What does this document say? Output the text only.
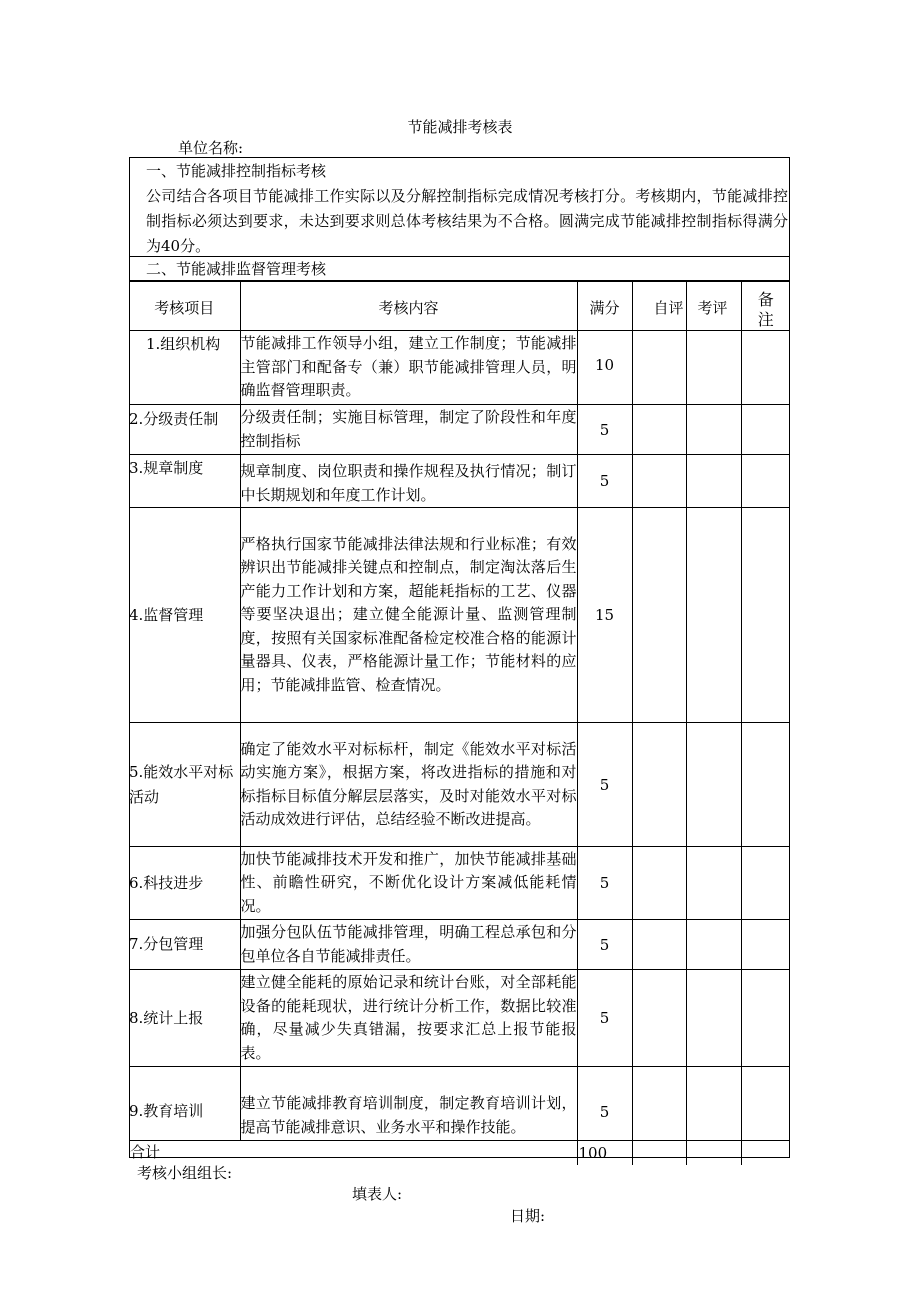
节能减排考核表
单位名称:
一、节能减排控制指标考核
公司结合各项目节能减排工作实际以及分解控制指标完成情况考核打分。考核期内，节能减排控制指标必须达到要求，未达到要求则总体考核结果为不合格。圆满完成节能减排控制指标得满分为40分。
二、节能减排监督管理考核
考核项目	考核内容	满分	自评	考评	备注
1.组织机构	节能减排工作领导小组，建立工作制度；节能减排主管部门和配备专（兼）职节能减排管理人员，明确监督管理职责。	10			
2.分级责任制	分级责任制；实施目标管理，制定了阶段性和年度控制指标	5			
3.规章制度	规章制度、岗位职责和操作规程及执行情况；制订中长期规划和年度工作计划。	5			
4.监督管理	严格执行国家节能减排法律法规和行业标准；有效辨识出节能减排关键点和控制点，制定淘汰落后生产能力工作计划和方案，超能耗指标的工艺、仪器等要坚决退出；建立健全能源计量、监测管理制度，按照有关国家标准配备检定校准合格的能源计量器具、仪表，严格能源计量工作；节能材料的应用；节能减排监管、检查情况。	15			
5.能效水平对标活动	确定了能效水平对标标杆，制定《能效水平对标活动实施方案》，根据方案，将改进指标的措施和对标指标目标值分解层层落实，及时对能效水平对标活动成效进行评估，总结经验不断改进提高。	5			
6.科技进步	加快节能减排技术开发和推广，加快节能减排基础性、前瞻性研究，不断优化设计方案减低能耗情况。	5			
7.分包管理	加强分包队伍节能减排管理，明确工程总承包和分包单位各自节能减排责任。	5			
8.统计上报	建立健全能耗的原始记录和统计台账，对全部耗能设备的能耗现状，进行统计分析工作，数据比较准确，尽量减少失真错漏，按要求汇总上报节能报表。	5			
9.教育培训	建立节能减排教育培训制度，制定教育培训计划，提高节能减排意识、业务水平和操作技能。	5			
合计		100			
考核小组组长:
填表人:
日期:
